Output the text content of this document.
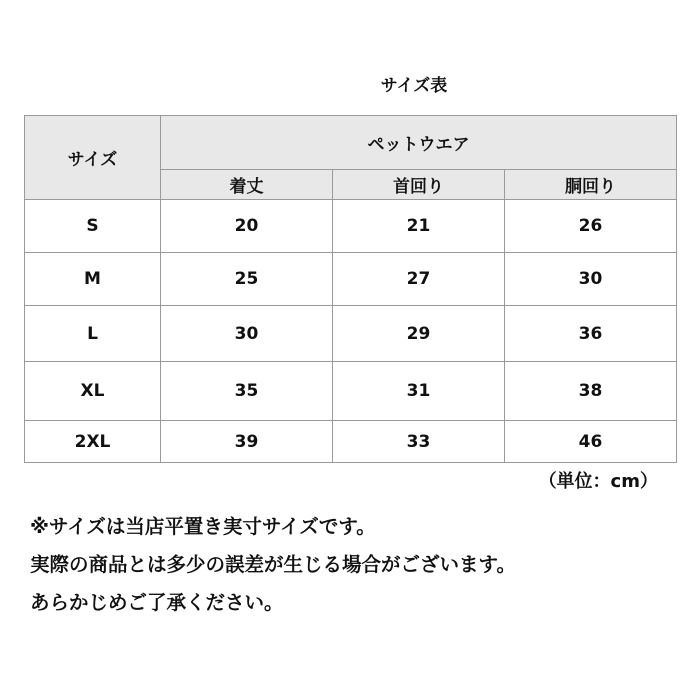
サイズ表
サイズ	ペットウエア		
	着丈	首回り	胴回り
S	20	21	26
M	25	27	30
L	30	29	36
XL	35	31	38
2XL	39	33	46
（単位：cm）
※サイズは当店平置き実寸サイズです。
実際の商品とは多少の誤差が生じる場合がございます。
あらかじめご了承ください。
